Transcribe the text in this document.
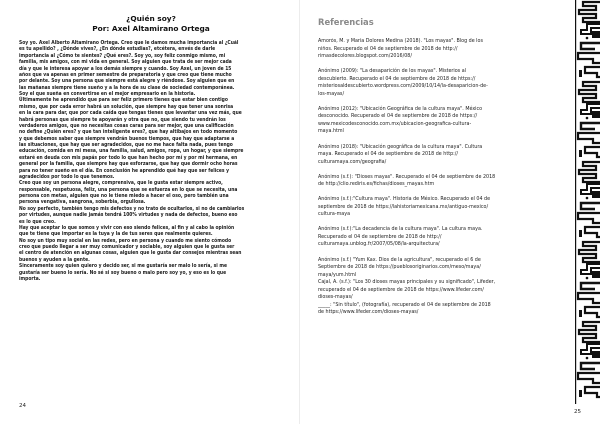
¿Quién soy?
Por: Axel Altamirano Ortega
Soy yo. Axel Alberto Altamirano Ortega. Creo que le damos mucha importancia al ¿Cuál
es tu apellido? , ¿Dónde vives?, ¿En dónde estudias?, etcétera, envés de darle
importancia al ¿Cómo te sientes? ¿Qué eres?. Soy yo, soy feliz conmigo mismo, mi
familia, mis amigos, con mi vida en general. Soy alguien que trata de ser mejor cada
día y que le interesa apoyar a los demás siempre y cuando. Soy Axel, un joven de 15
años que va apenas en primer semestre de preparatoria y que creo que tiene mucho
por delante. Soy una persona que siempre está alegre y riéndose. Soy alguien que en
las mañanas siempre tiene sueño y a la hora de su clase de sociedad contemporánea.
Soy el que sueña en convertirse en el mejor empresario en la historia.
Últimamente he aprendido que para ser feliz primero tienes que estar bien contigo
mismo, que por cada error habrá un solución, que siempre hay que tener una sonrisa
en la cara para dar, que por cada caída que tengas tienes que levantar una vez más, que
habrá personas que siempre te apoyarán y otra que no, que siendo tu vendrán los
verdaderos amigos, que no necesitas cosas caras para ser mejor, que una calificación
no define ¿Quién eres? y que tan inteligente eres?, que hay altibajos en todo momento
y que debemos saber que siempre vendrán buenos tiempos, que hay que adaptarse a
las situaciones, que hay que ser agradecidos, que no me hace falta nada, pues tengo
educación, comida en mi mesa, una familia, salud, amigos, ropa, un hogar, y que siempre
estaré en deuda con mis papás por todo lo que han hecho por mí y por mi hermana, en
general por la familia, que siempre hay que esforzarse, que hay que dormir ocho horas
para no tener sueño en el día. En conclusión he aprendido qué hay que ser felices y
agradecidos por todo lo que tenemos.
Creo que soy un persona alegre, comprensiva, que le gusta estar siempre activo,
responsable, respetuosa, feliz, una persona que se esfuerza en lo que se necesita, una
persona con metas, alguien que no le tiene miedo a hacer el oso, pero también una
persona vengativa, sangrona, soberbia, orgullosa.
No soy perfecto, también tengo mis defectos y no trato de ocultarlos, si no de cambiarlos
por virtudes, aunque nadie jamás tendrá 100% virtudes y nada de defectos, bueno eso
es lo que creo.
Hay que aceptar lo que somos y vivir con eso siendo felices, al fin y al cabo la opinión
que te tiene que importar es la tuya y la de tus seres que realmente quieres.
No soy un tipo muy social en las redes, pero en persona y cuando me siento cómodo
creo que puedo llegar a ser muy comunicador y sociable, soy alguien que le gusta ser
el centro de atención en algunas cosas, alguien que le gusta dar consejos mientras sean
buenos y ayuden a la gente.
Sinceramente soy quien quiero y decido ser, si me gustaría ser malo lo sería, si me
gustaría ser bueno lo sería. No sé si soy bueno o malo pero soy yo, y eso es lo que
importa.
24
Referencias
Amorós, M. y María Dolores Medina (2018). "Los mayas". Blog de los
niños. Recuperado el 04 de septiembre de 2018 de http://
rimasdecolores.blogspot.com/2016/08/
Anónimo (2009): "La desaparición de los mayas". Misterios al
descubierto. Recuperado el 04 de septiembre de 2018 de https://
misteriosaldescubierto.wordpress.com/2009/10/14/la-desaparicion-de-
los-mayas/
Anónimo (2012): "Ubicación Geográfica de la cultura maya". México
desconocido. Recuperado el 04 de septiembre de 2018 de https://
www.mexicodesconocido.com.mx/ubicacion-geografica-cultura-
maya.html
Anónimo (2018): "Ubicación geográfica de la cultura maya". Cultura
maya. Recuperado el 04 de septiembre de 2018 de http://
culturamaya.com/geografia/
Anónimo (s.f.): "Dioses mayas". Recuperado el 04 de septiembre de 2018
de http://clio.rediris.es/fichas/dioses_mayas.htm
Anónimo (s.f.):"Cultura maya". Historia de México. Recuperado el 04 de
septiembre de 2018 de https://lahistoriamexicana.mx/antiguo-mexico/
cultura-maya
Anónimo (s.f.):"La decadencia de la cultura maya". La cultura maya.
Recuperado el 04 de septiembre de 2018 de http://
culturamaya.unblog.fr/2007/05/08/la-arquitectura/
Anónimo (s.f.) "Yum Kax. Dios de la agricultura", recuperado el 6 de
Septiembre de 2018 de https://pueblosoriginarios.com/meso/maya/
maya/yum.html
Cajal, A. (s.f.): "Los 30 dioses mayas principales y su significado", Lifeder,
recuperado el 04 de septiembre de 2018 de https://www.lifeder.com/
dioses-mayas/
_____: "Sin título", (fotografía), recuperado el 04 de septiembre de 2018
de https://www.lifeder.com/dioses-mayas/
25
